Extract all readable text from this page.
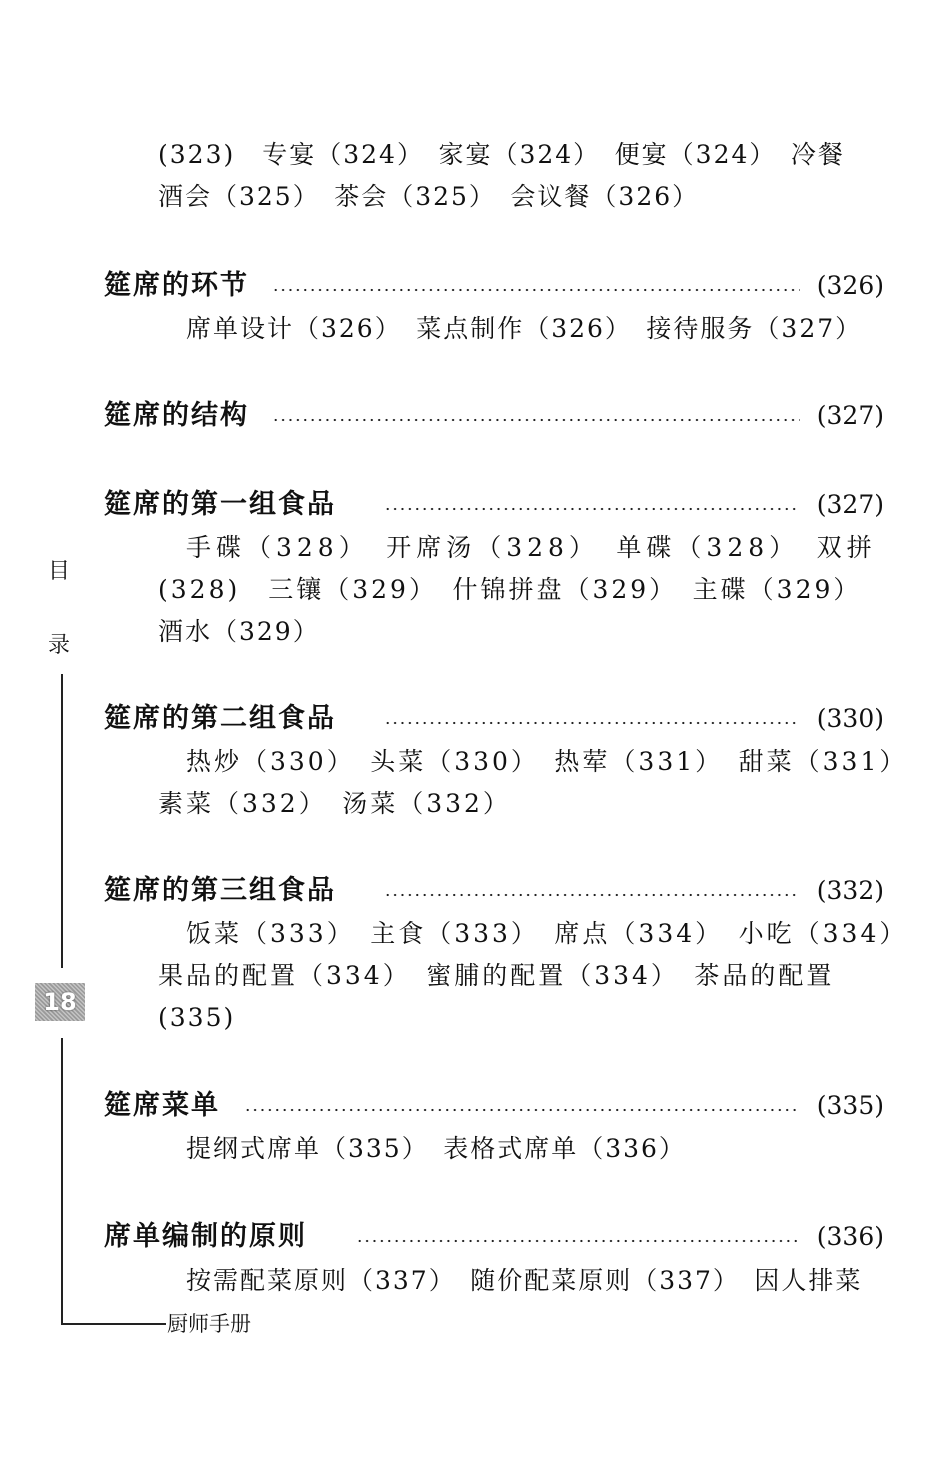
(323)　专宴（324）　家宴（324）　便宴（324）　冷餐
酒会（325）　茶会（325）　会议餐（326）
筵席的环节	(326)
席单设计（326）　菜点制作（326）　接待服务（327）
筵席的结构	(327)
筵席的第一组食品	(327)
手碟（328）　开席汤（328）　单碟（328）　双拼
(328)　三镶（329）　什锦拼盘（329）　主碟（329）
酒水（329）
筵席的第二组食品	(330)
热炒（330）　头菜（330）　热荤（331）　甜菜（331）
素菜（332）　汤菜（332）
筵席的第三组食品	(332)
饭菜（333）　主食（333）　席点（334）　小吃（334）
果品的配置（334）　蜜脯的配置（334）　茶品的配置
(335)
筵席菜单	(335)
提纲式席单（335）　表格式席单（336）
席单编制的原则	(336)
按需配菜原则（337）　随价配菜原则（337）　因人排菜
目
录
18
厨师手册
